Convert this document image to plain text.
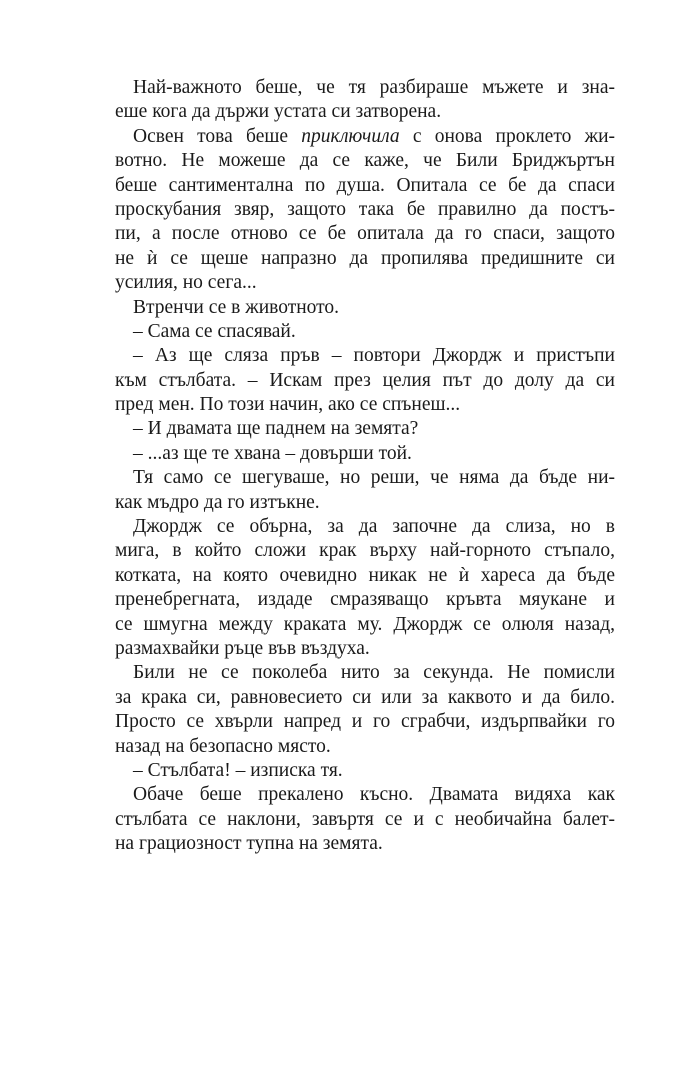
Най-важното беше, че тя разбираше мъжете и зна-
еше кога да държи устата си затворена.
Освен това беше приключила с онова проклето жи-
вотно. Не можеше да се каже, че Били Бриджъртън
беше сантиментална по душа. Опитала се бе да спаси
проскубания звяр, защото така бе правилно да постъ-
пи, а после отново се бе опитала да го спаси, защото
не ѝ се щеше напразно да пропилява предишните си
усилия, но сега...
Втренчи се в животното.
– Сама се спасявай.
– Аз ще сляза пръв – повтори Джордж и пристъпи
към стълбата. – Искам през целия път до долу да си
пред мен. По този начин, ако се спънеш...
– И двамата ще паднем на земята?
– ...аз ще те хвана – довърши той.
Тя само се шегуваше, но реши, че няма да бъде ни-
как мъдро да го изтъкне.
Джордж се обърна, за да започне да слиза, но в
мига, в който сложи крак върху най-горното стъпало,
котката, на която очевидно никак не ѝ хареса да бъде
пренебрегната, издаде смразяващо кръвта мяукане и
се шмугна между краката му. Джордж се олюля назад,
размахвайки ръце във въздуха.
Били не се поколеба нито за секунда. Не помисли
за крака си, равновесието си или за каквото и да било.
Просто се хвърли напред и го сграбчи, издърпвайки го
назад на безопасно място.
– Стълбата! – изписка тя.
Обаче беше прекалено късно. Двамата видяха как
стълбата се наклони, завъртя се и с необичайна балет-
на грациозност тупна на земята.
